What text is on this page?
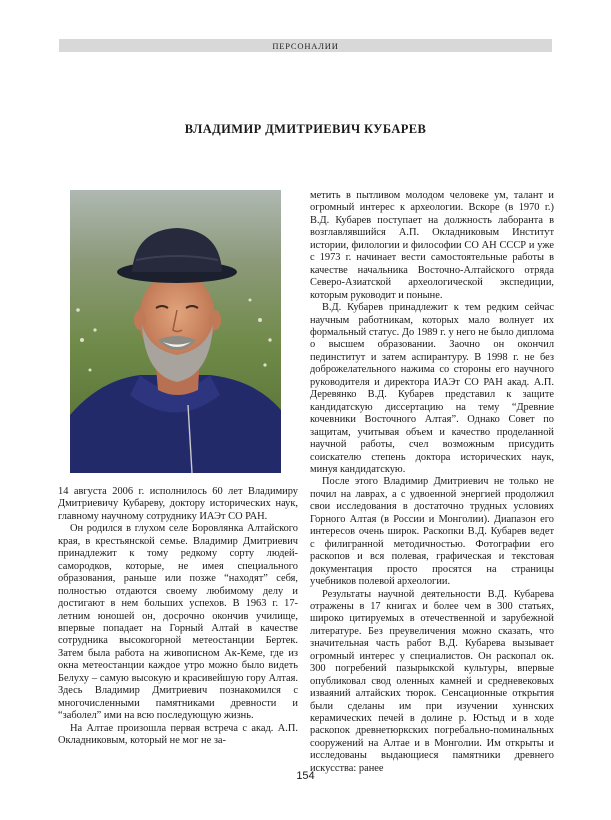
ПЕРСОНАЛИИ
ВЛАДИМИР ДМИТРИЕВИЧ КУБАРЕВ

14 августа 2006 г. исполнилось 60 лет Владимиру Дмитриевичу Кубареву, доктору исторических наук, главному научному сотруднику ИАЭт СО РАН.

Он родился в глухом селе Боровлянка Алтайского края, в крестьянской семье. Владимир Дмитриевич принадлежит к тому редкому сорту людей-самородков, которые, не имея специального образования, раньше или позже “находят” себя, полностью отдаются своему любимому делу и достигают в нем больших успехов. В 1963 г. 17-летним юношей он, досрочно окончив училище, впервые попадает на Горный Алтай в качестве сотрудника высокогорной метеостанции Бертек. Затем была работа на живописном Ак-Кеме, где из окна метеостанции каждое утро можно было видеть Белуху – самую высокую и красивейшую гору Алтая. Здесь Владимир Дмитриевич познакомился с многочисленными памятниками древности и “заболел” ими на всю последующую жизнь.

На Алтае произошла первая встреча с акад. А.П. Окладниковым, который не мог не за-

метить в пытливом молодом человеке ум, талант и огромный интерес к археологии. Вскоре (в 1970 г.) В.Д. Кубарев поступает на должность лаборанта в возглавлявшийся А.П. Окладниковым Институт истории, филологии и философии СО АН СССР и уже с 1973 г. начинает вести самостоятельные работы в качестве начальника Восточно-Алтайского отряда Северо-Азиатской археологической экспедиции, которым руководит и поныне.

В.Д. Кубарев принадлежит к тем редким сейчас научным работникам, которых мало волнует их формальный статус. До 1989 г. у него не было диплома о высшем образовании. Заочно он окончил пединститут и затем аспирантуру. В 1998 г. не без доброжелательного нажима со стороны его научного руководителя и директора ИАЭт СО РАН акад. А.П. Деревянко В.Д. Кубарев представил к защите кандидатскую диссертацию на тему “Древние кочевники Восточного Алтая”. Однако Совет по защитам, учитывая объем и качество проделанной научной работы, счел возможным присудить соискателю степень доктора исторических наук, минуя кандидатскую.

После этого Владимир Дмитриевич не только не почил на лаврах, а с удвоенной энергией продолжил свои исследования в достаточно трудных условиях Горного Алтая (в России и Монголии). Диапазон его интересов очень широк. Раскопки В.Д. Кубарев ведет с филигранной методичностью. Фотографии его раскопов и вся полевая, графическая и текстовая документация просто просятся на страницы учебников полевой археологии.

Результаты научной деятельности В.Д. Кубарева отражены в 17 книгах и более чем в 300 статьях, широко цитируемых в отечественной и зарубежной литературе. Без преувеличения можно сказать, что значительная часть работ В.Д. Кубарева вызывает огромный интерес у специалистов. Он раскопал ок. 300 погребений пазырыкской культуры, впервые опубликовал свод оленных камней и средневековых изваяний алтайских тюрок. Сенсационные открытия были сделаны им при изучении хуннских керамических печей в долине р. Юстыд и в ходе раскопок древнетюркских погребально-поминальных сооружений на Алтае и в Монголии. Им открыты и исследованы выдающиеся памятники древнего искусства: ранее

154
